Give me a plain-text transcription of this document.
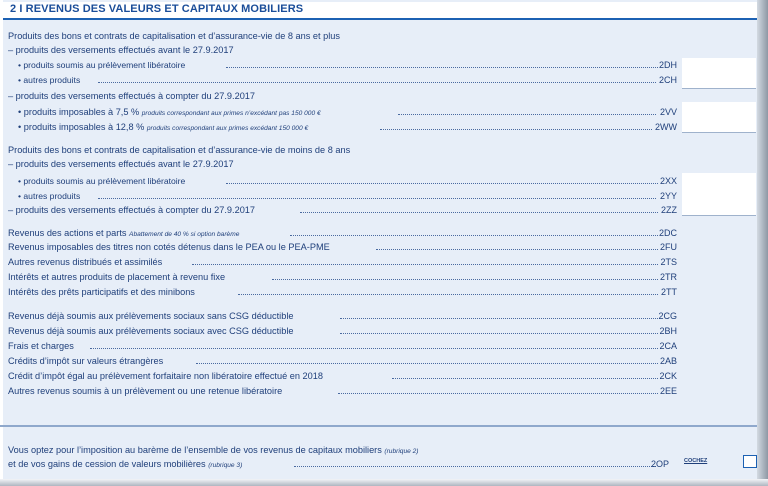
2 I REVENUS DES VALEURS ET CAPITAUX MOBILIERS
Produits des bons et contrats de capitalisation et d’assurance-vie de 8 ans et plus
– produits des versements effectués avant le 27.9.2017
• produits soumis au prélèvement libératoire	2DH
• autres produits	2CH
– produits des versements effectués à compter du 27.9.2017
• produits imposables à 7,5 % produits correspondant aux primes n’excédant pas 150 000 €	2VV
• produits imposables à 12,8 % produits correspondant aux primes excédant 150 000 €	2WW
Produits des bons et contrats de capitalisation et d’assurance-vie de moins de 8 ans
– produits des versements effectués avant le 27.9.2017
• produits soumis au prélèvement libératoire	2XX
• autres produits	2YY
– produits des versements effectués à compter du 27.9.2017	2ZZ
Revenus des actions et parts Abattement de 40 % si option barème	2DC
Revenus imposables des titres non cotés détenus dans le PEA ou le PEA-PME	2FU
Autres revenus distribués et assimilés	2TS
Intérêts et autres produits de placement à revenu fixe	2TR
Intérêts des prêts participatifs et des minibons	2TT
Revenus déjà soumis aux prélèvements sociaux sans CSG déductible	2CG
Revenus déjà soumis aux prélèvements sociaux avec CSG déductible	2BH
Frais et charges	2CA
Crédits d’impôt sur valeurs étrangères	2AB
Crédit d’impôt égal au prélèvement forfaitaire non libératoire effectué en 2018	2CK
Autres revenus soumis à un prélèvement ou une retenue libératoire	2EE
Vous optez pour l’imposition au barème de l’ensemble de vos revenus de capitaux mobiliers (rubrique 2)
et de vos gains de cession de valeurs mobilières (rubrique 3)	2OP	COCHEZ
